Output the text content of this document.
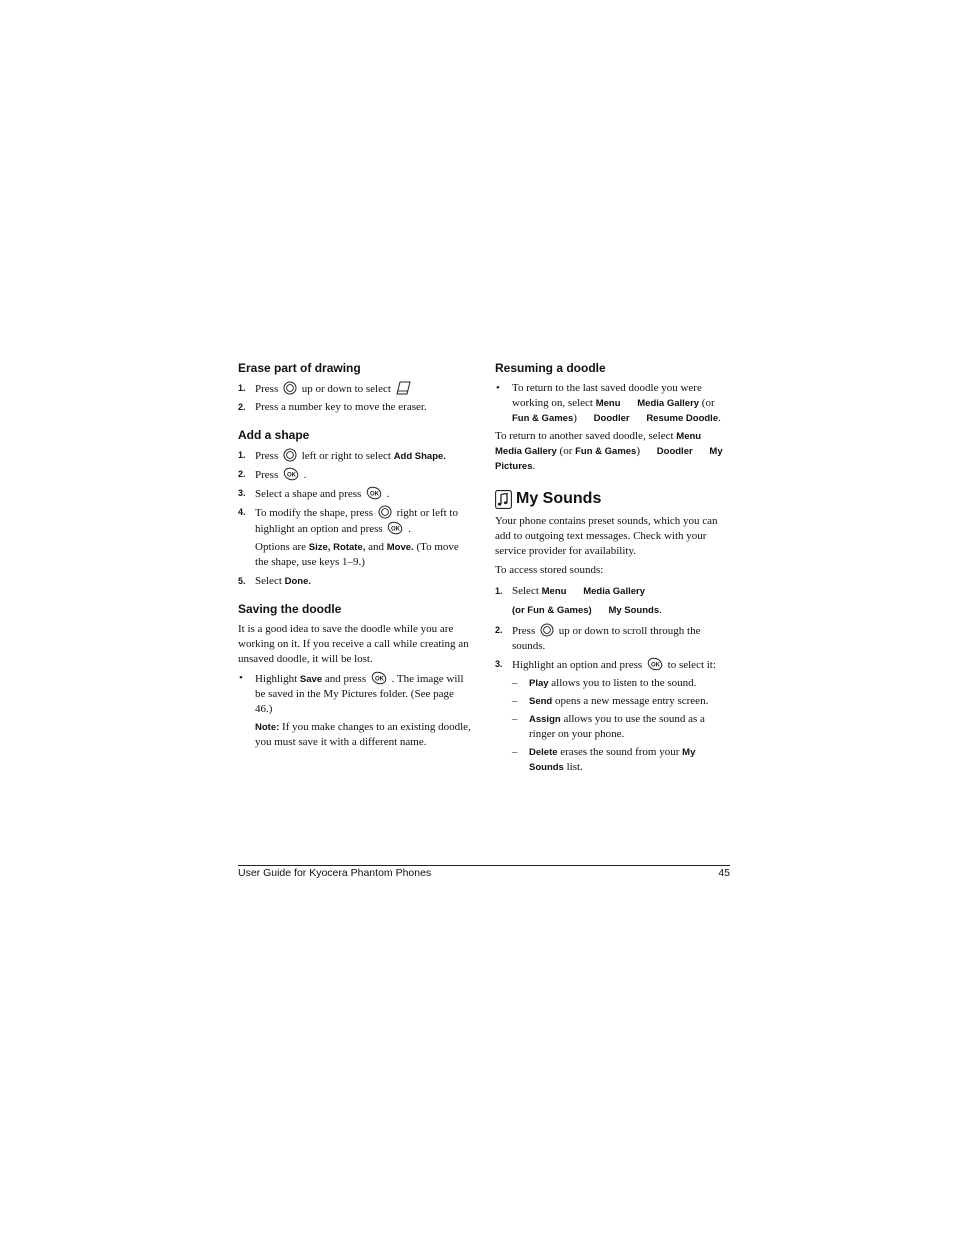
Erase part of drawing
1. Press up or down to select
2. Press a number key to move the eraser.
Add a shape
1. Press left or right to select Add Shape.
2. Press OK .
3. Select a shape and press OK .
4. To modify the shape, press right or left to highlight an option and press OK .
Options are Size, Rotate, and Move. (To move the shape, use keys 1–9.)
5. Select Done.
Saving the doodle
It is a good idea to save the doodle while you are working on it. If you receive a call while creating an unsaved doodle, it will be lost.
• Highlight Save and press OK . The image will be saved in the My Pictures folder. (See page 46.)
Note: If you make changes to an existing doodle, you must save it with a different name.
Resuming a doodle
• To return to the last saved doodle you were working on, select Menu Media Gallery (or Fun & Games) Doodler Resume Doodle.
To return to another saved doodle, select Menu Media Gallery (or Fun & Games) Doodler My Pictures.
My Sounds
Your phone contains preset sounds, which you can add to outgoing text messages. Check with your service provider for availability.
To access stored sounds:
1. Select Menu Media Gallery
(or Fun & Games) My Sounds.
2. Press up or down to scroll through the sounds.
3. Highlight an option and press OK to select it:
– Play allows you to listen to the sound.
– Send opens a new message entry screen.
– Assign allows you to use the sound as a ringer on your phone.
– Delete erases the sound from your My Sounds list.
User Guide for Kyocera Phantom Phones	45
